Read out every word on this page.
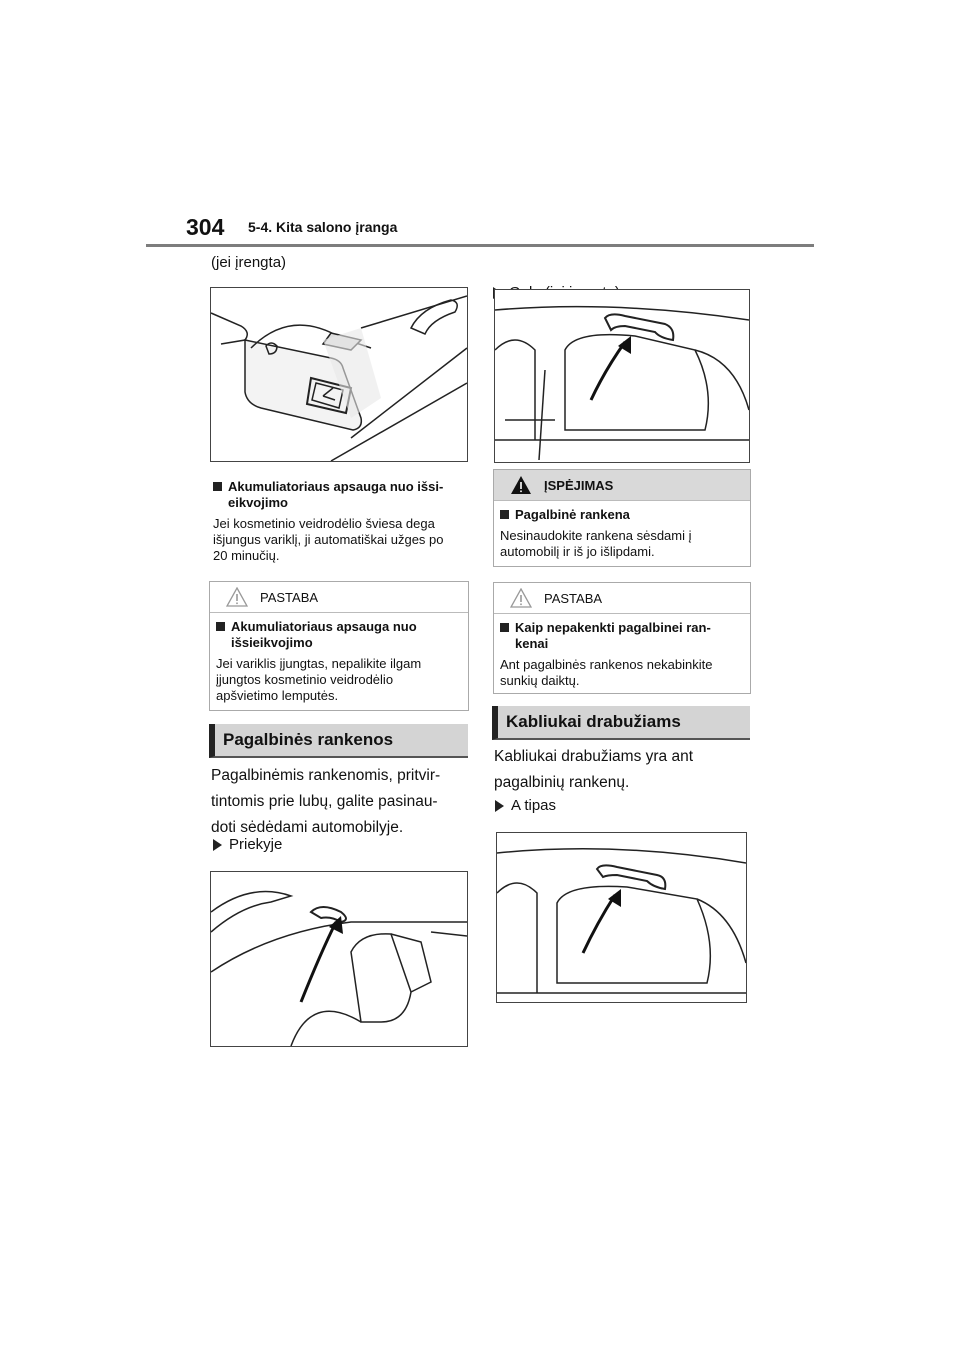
304 5-4. Kita salono įranga
(jei įrengta)
Akumuliatoriaus apsauga nuo išsi-
eikvojimo
Jei kosmetinio veidrodėlio šviesa dega
išjungus variklį, ji automatiškai užges po
20 minučių.
PASTABA
Akumuliatoriaus apsauga nuo
išsieikvojimo
Jei variklis įjungtas, nepalikite ilgam
įjungtos kosmetinio veidrodėlio
apšvietimo lemputės.
Pagalbinės rankenos
Pagalbinėmis rankenomis, pritvir-
tintomis prie lubų, galite pasinau-
doti sėdėdami automobilyje.
Priekyje
ĮSPĖJIMAS
Pagalbinė rankena
Nesinaudokite rankena sėsdami į
automobilį ir iš jo išlipdami.
PASTABA
Kaip nepakenkti pagalbinei ran-
kenai
Ant pagalbinės rankenos nekabinkite
sunkių daiktų.
Kabliukai drabužiams
Kabliukai drabužiams yra ant
pagalbinių rankenų.
A tipas
